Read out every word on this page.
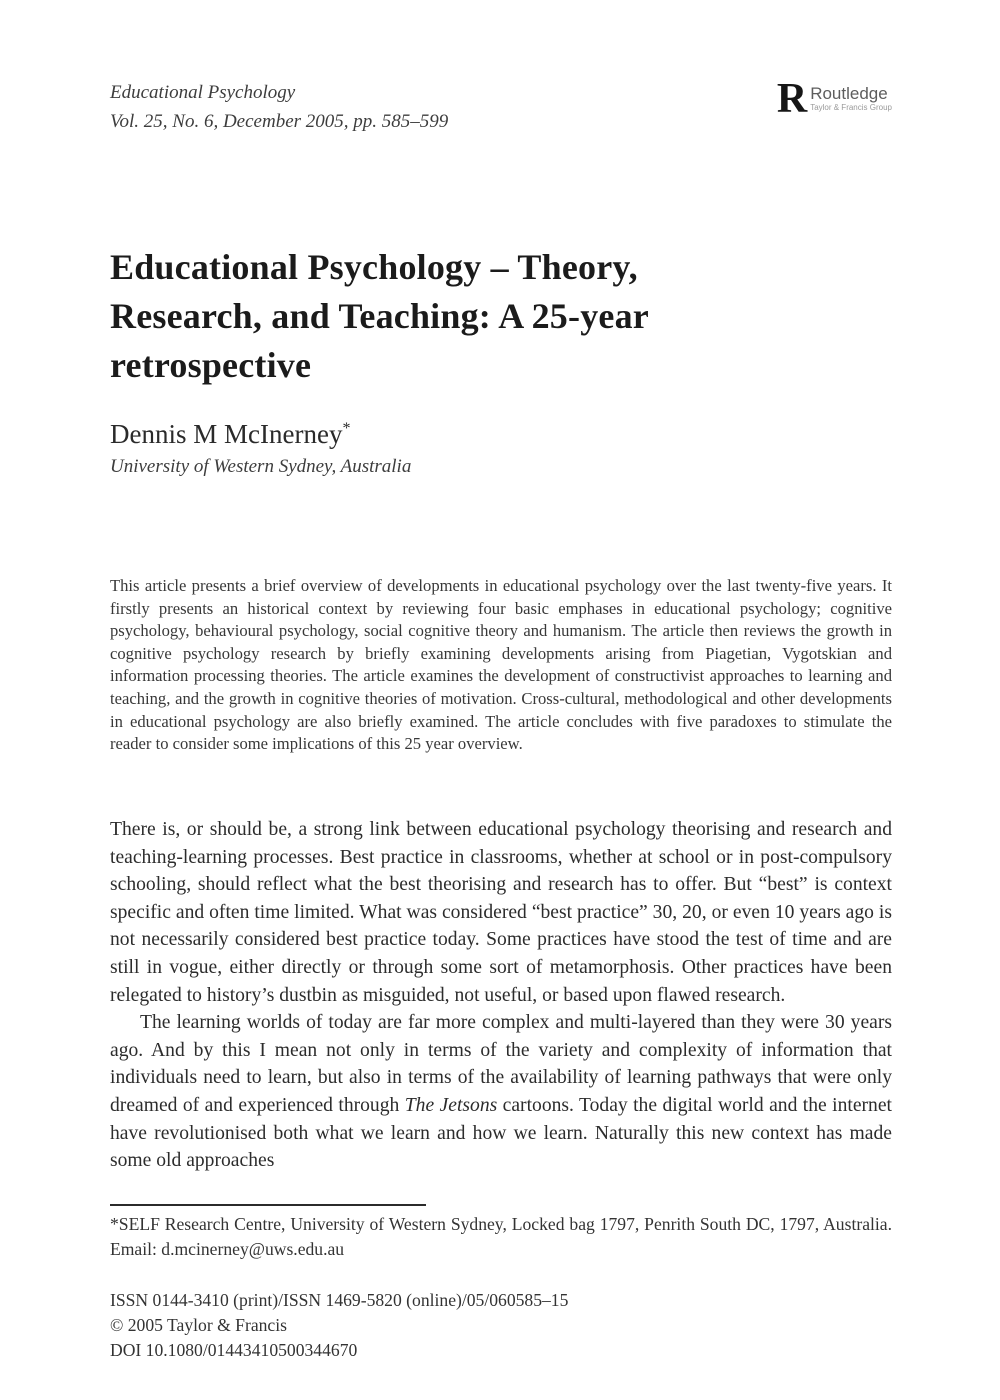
Educational Psychology
Vol. 25, No. 6, December 2005, pp. 585–599	R Routledge
Taylor & Francis Group
Educational Psychology – Theory,
Research, and Teaching: A 25-year
retrospective
Dennis M McInerney*
University of Western Sydney, Australia
This article presents a brief overview of developments in educational psychology over the last twenty-five years. It firstly presents an historical context by reviewing four basic emphases in educational psychology; cognitive psychology, behavioural psychology, social cognitive theory and humanism. The article then reviews the growth in cognitive psychology research by briefly examining developments arising from Piagetian, Vygotskian and information processing theories. The article examines the development of constructivist approaches to learning and teaching, and the growth in cognitive theories of motivation. Cross-cultural, methodological and other developments in educational psychology are also briefly examined. The article concludes with five paradoxes to stimulate the reader to consider some implications of this 25 year overview.

There is, or should be, a strong link between educational psychology theorising and research and teaching-learning processes. Best practice in classrooms, whether at school or in post-compulsory schooling, should reflect what the best theorising and research has to offer. But “best” is context specific and often time limited. What was considered “best practice” 30, 20, or even 10 years ago is not necessarily considered best practice today. Some practices have stood the test of time and are still in vogue, either directly or through some sort of metamorphosis. Other practices have been relegated to history’s dustbin as misguided, not useful, or based upon flawed research.

The learning worlds of today are far more complex and multi-layered than they were 30 years ago. And by this I mean not only in terms of the variety and complexity of information that individuals need to learn, but also in terms of the availability of learning pathways that were only dreamed of and experienced through The Jetsons cartoons. Today the digital world and the internet have revolutionised both what we learn and how we learn. Naturally this new context has made some old approaches

*SELF Research Centre, University of Western Sydney, Locked bag 1797, Penrith South DC, 1797, Australia. Email: d.mcinerney@uws.edu.au
ISSN 0144-3410 (print)/ISSN 1469-5820 (online)/05/060585–15
© 2005 Taylor & Francis
DOI 10.1080/01443410500344670
